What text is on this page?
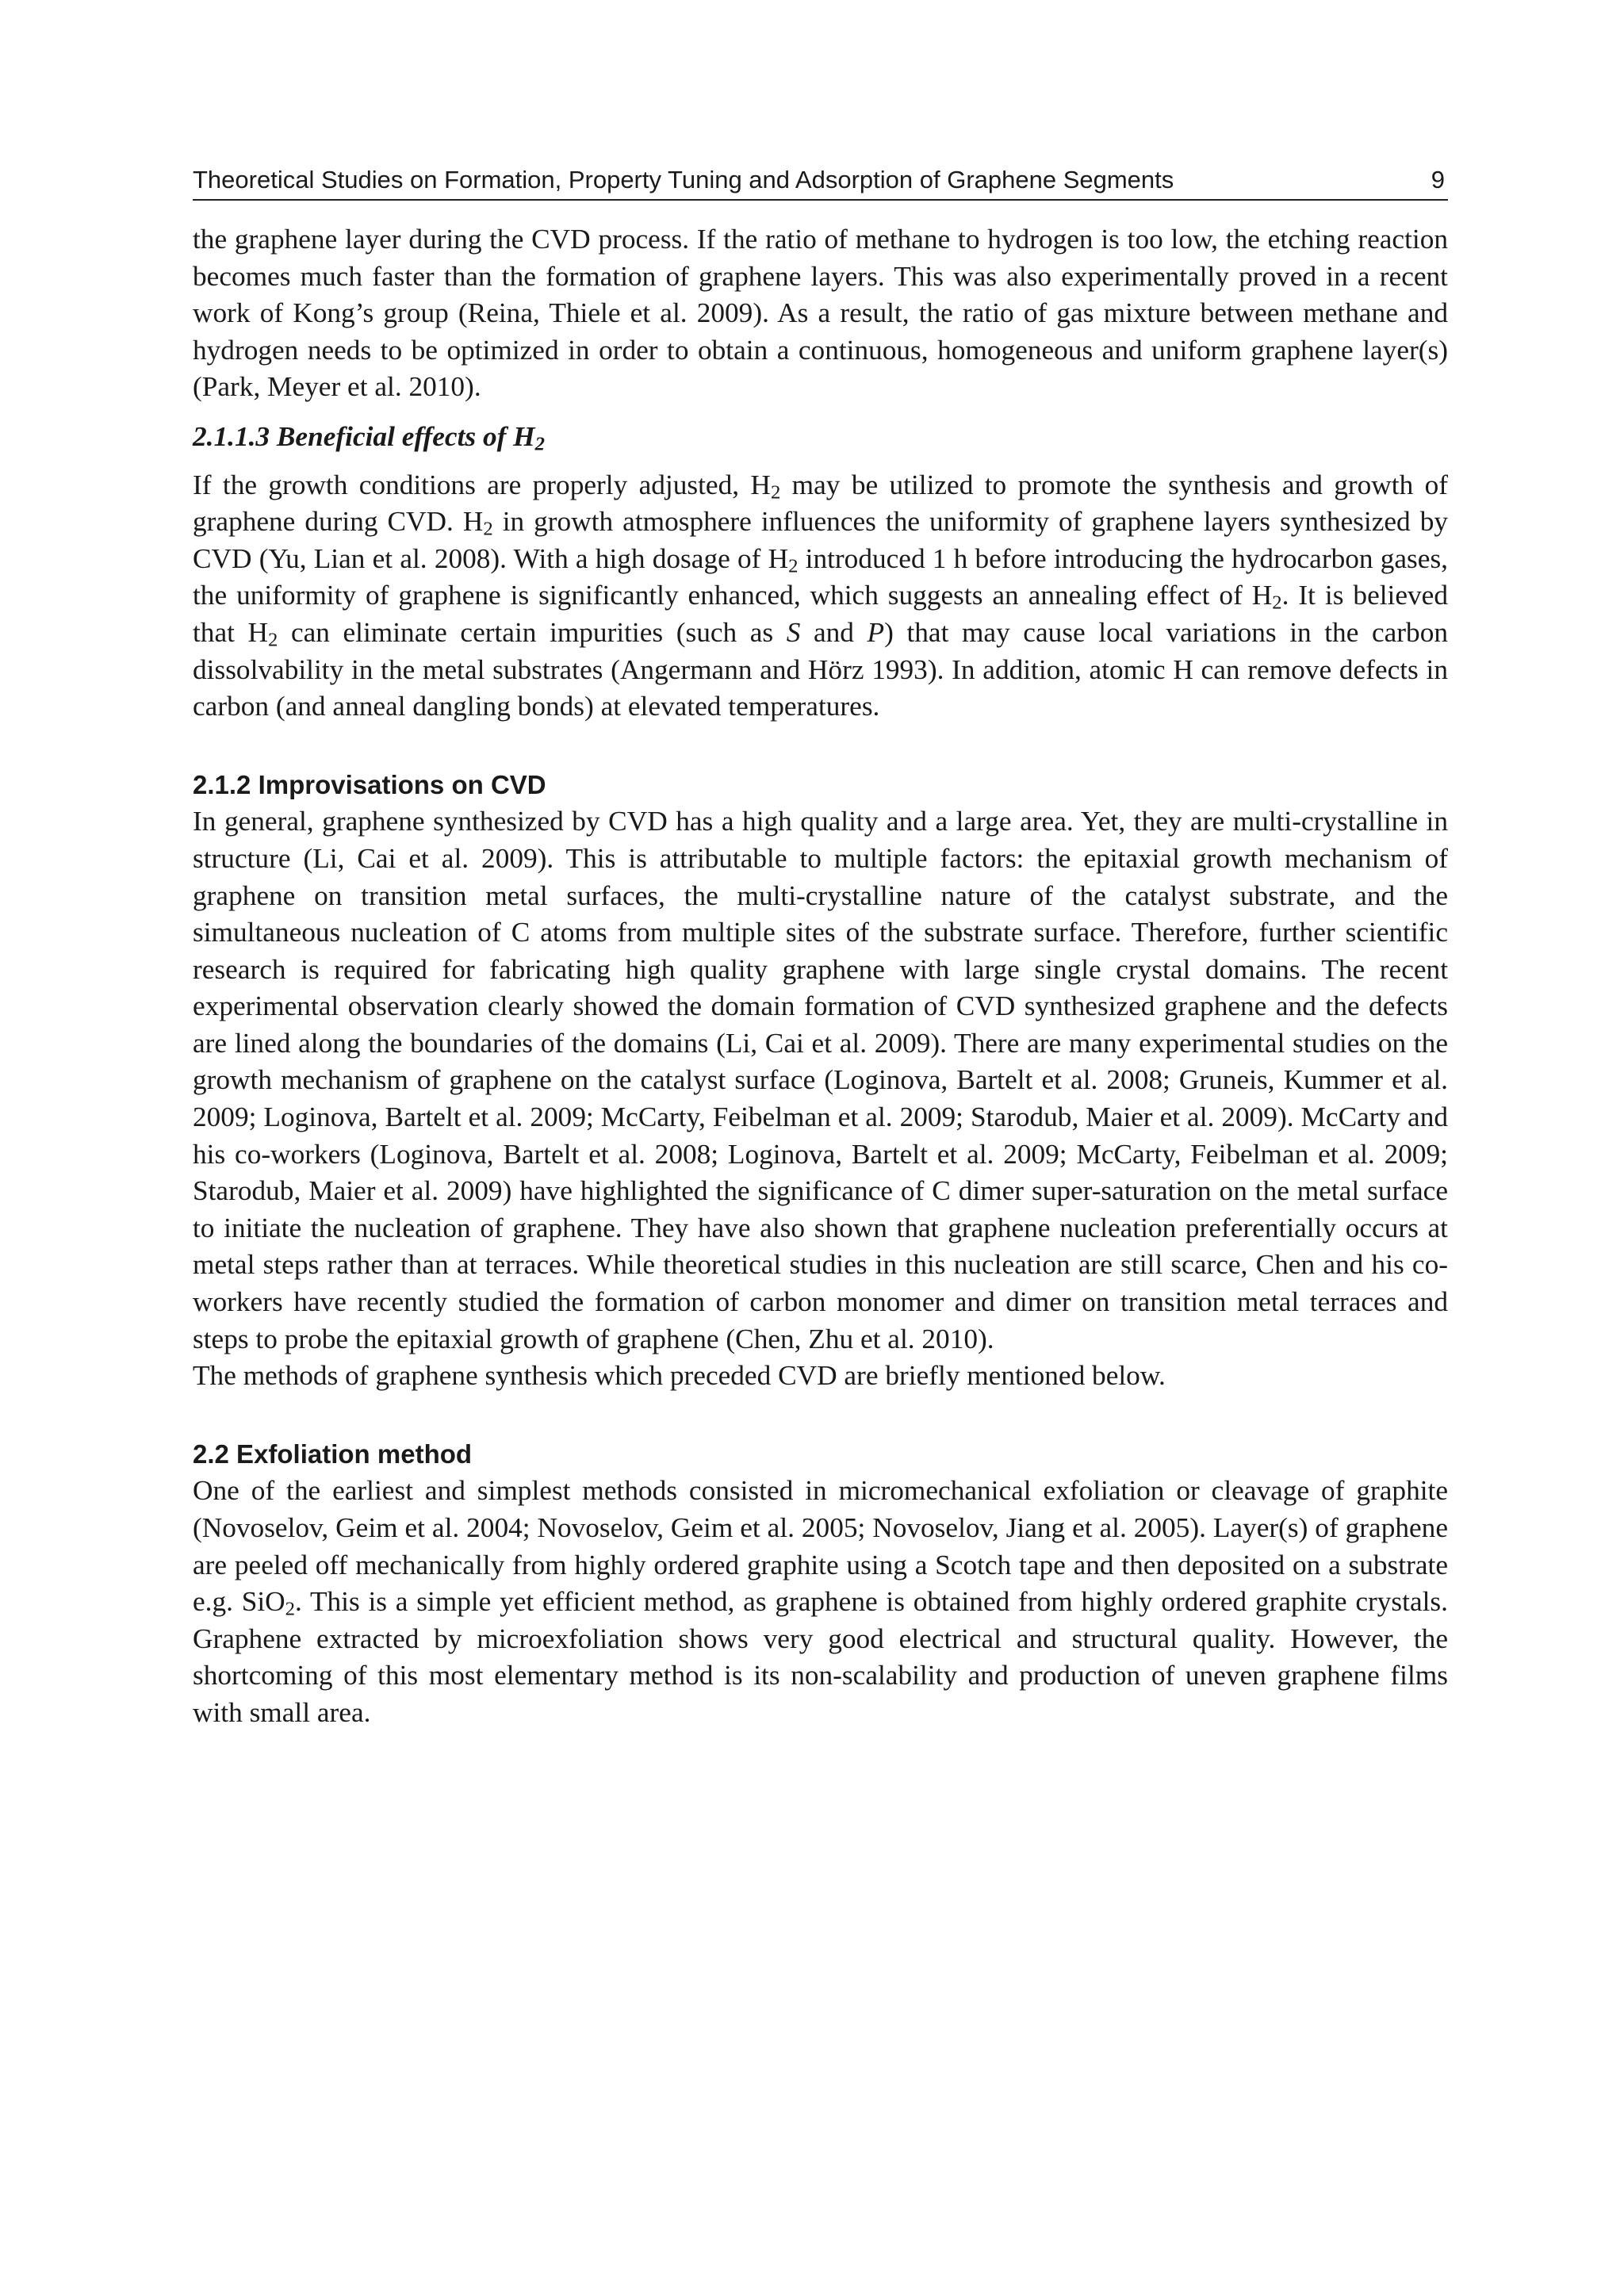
Theoretical Studies on Formation, Property Tuning and Adsorption of Graphene Segments	9

the graphene layer during the CVD process. If the ratio of methane to hydrogen is too low, the etching reaction becomes much faster than the formation of graphene layers. This was also experimentally proved in a recent work of Kong’s group (Reina, Thiele et al. 2009). As a result, the ratio of gas mixture between methane and hydrogen needs to be optimized in order to obtain a continuous, homogeneous and uniform graphene layer(s) (Park, Meyer et al. 2010).

2.1.1.3 Beneficial effects of $H_2$

If the growth conditions are properly adjusted, $H_2$ may be utilized to promote the synthesis and growth of graphene during CVD. $H_2$ in growth atmosphere influences the uniformity of graphene layers synthesized by CVD (Yu, Lian et al. 2008). With a high dosage of $H_2$ introduced 1 h before introducing the hydrocarbon gases, the uniformity of graphene is significantly enhanced, which suggests an annealing effect of $H_2$. It is believed that $H_2$ can eliminate certain impurities (such as S and P) that may cause local variations in the carbon dissolvability in the metal substrates (Angermann and Hörz 1993). In addition, atomic H can remove defects in carbon (and anneal dangling bonds) at elevated temperatures.

2.1.2 Improvisations on CVD

In general, graphene synthesized by CVD has a high quality and a large area. Yet, they are multi-crystalline in structure (Li, Cai et al. 2009). This is attributable to multiple factors: the epitaxial growth mechanism of graphene on transition metal surfaces, the multi-crystalline nature of the catalyst substrate, and the simultaneous nucleation of C atoms from multiple sites of the substrate surface. Therefore, further scientific research is required for fabricating high quality graphene with large single crystal domains. The recent experimental observation clearly showed the domain formation of CVD synthesized graphene and the defects are lined along the boundaries of the domains (Li, Cai et al. 2009). There are many experimental studies on the growth mechanism of graphene on the catalyst surface (Loginova, Bartelt et al. 2008; Gruneis, Kummer et al. 2009; Loginova, Bartelt et al. 2009; McCarty, Feibelman et al. 2009; Starodub, Maier et al. 2009). McCarty and his co-workers (Loginova, Bartelt et al. 2008; Loginova, Bartelt et al. 2009; McCarty, Feibelman et al. 2009; Starodub, Maier et al. 2009) have highlighted the significance of C dimer super-saturation on the metal surface to initiate the nucleation of graphene. They have also shown that graphene nucleation preferentially occurs at metal steps rather than at terraces. While theoretical studies in this nucleation are still scarce, Chen and his co-workers have recently studied the formation of carbon monomer and dimer on transition metal terraces and steps to probe the epitaxial growth of graphene (Chen, Zhu et al. 2010).

The methods of graphene synthesis which preceded CVD are briefly mentioned below.

2.2 Exfoliation method

One of the earliest and simplest methods consisted in micromechanical exfoliation or cleavage of graphite (Novoselov, Geim et al. 2004; Novoselov, Geim et al. 2005; Novoselov, Jiang et al. 2005). Layer(s) of graphene are peeled off mechanically from highly ordered graphite using a Scotch tape and then deposited on a substrate e.g. SiO$_2$. This is a simple yet efficient method, as graphene is obtained from highly ordered graphite crystals. Graphene extracted by microexfoliation shows very good electrical and structural quality. However, the shortcoming of this most elementary method is its non-scalability and production of uneven graphene films with small area.
